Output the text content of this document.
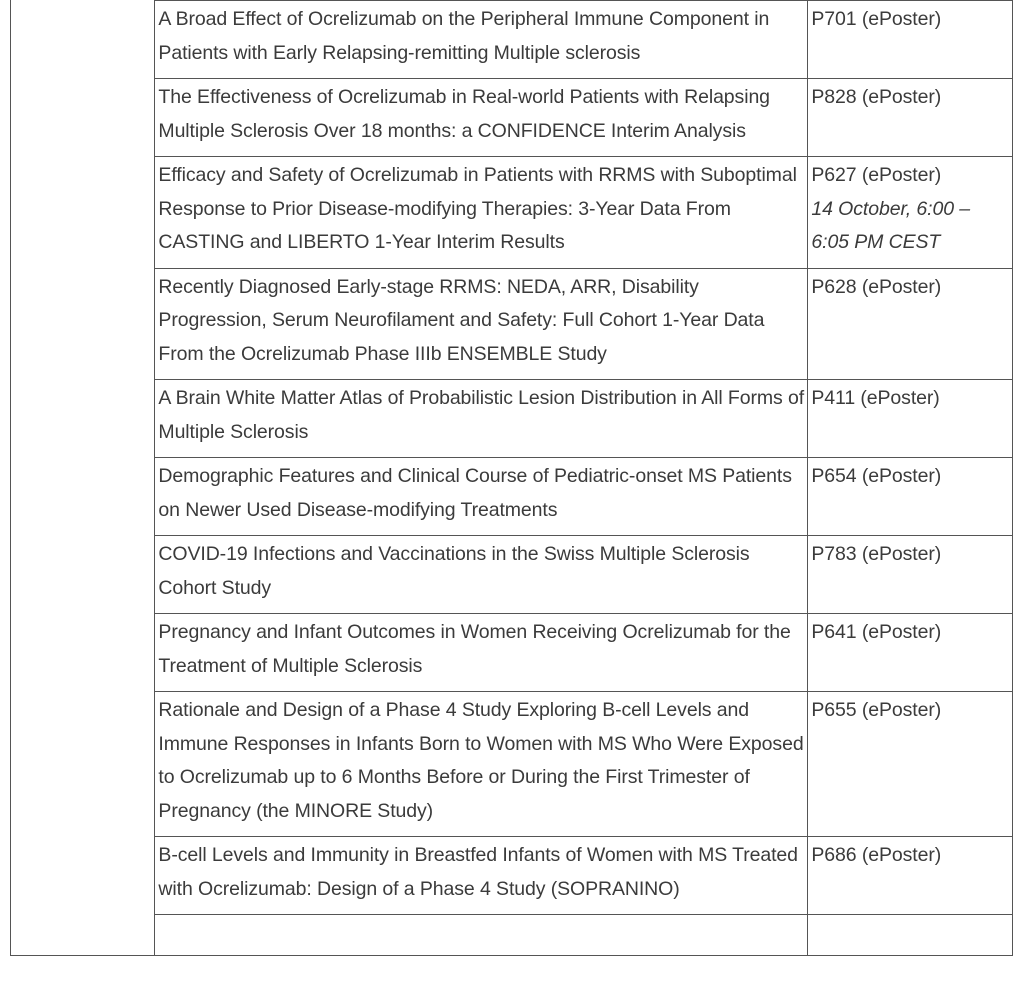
	A Broad Effect of Ocrelizumab on the Peripheral Immune Component in Patients with Early Relapsing-remitting Multiple sclerosis	P701 (ePoster)

	The Effectiveness of Ocrelizumab in Real-world Patients with Relapsing Multiple Sclerosis Over 18 months: a CONFIDENCE Interim Analysis	P828 (ePoster)

	Efficacy and Safety of Ocrelizumab in Patients with RRMS with Suboptimal Response to Prior Disease-modifying Therapies: 3-Year Data From CASTING and LIBERTO 1-Year Interim Results	P627 (ePoster)
14 October, 6:00 – 6:05 PM CEST

	Recently Diagnosed Early-stage RRMS: NEDA, ARR, Disability Progression, Serum Neurofilament and Safety: Full Cohort 1-Year Data From the Ocrelizumab Phase IIIb ENSEMBLE Study	P628 (ePoster)

	A Brain White Matter Atlas of Probabilistic Lesion Distribution in All Forms of Multiple Sclerosis	P411 (ePoster)

	Demographic Features and Clinical Course of Pediatric-onset MS Patients on Newer Used Disease-modifying Treatments	P654 (ePoster)

	COVID-19 Infections and Vaccinations in the Swiss Multiple Sclerosis Cohort Study	P783 (ePoster)

	Pregnancy and Infant Outcomes in Women Receiving Ocrelizumab for the Treatment of Multiple Sclerosis	P641 (ePoster)

	Rationale and Design of a Phase 4 Study Exploring B-cell Levels and Immune Responses in Infants Born to Women with MS Who Were Exposed to Ocrelizumab up to 6 Months Before or During the First Trimester of Pregnancy (the MINORE Study)	P655 (ePoster)

	B-cell Levels and Immunity in Breastfed Infants of Women with MS Treated with Ocrelizumab: Design of a Phase 4 Study (SOPRANINO)	P686 (ePoster)
